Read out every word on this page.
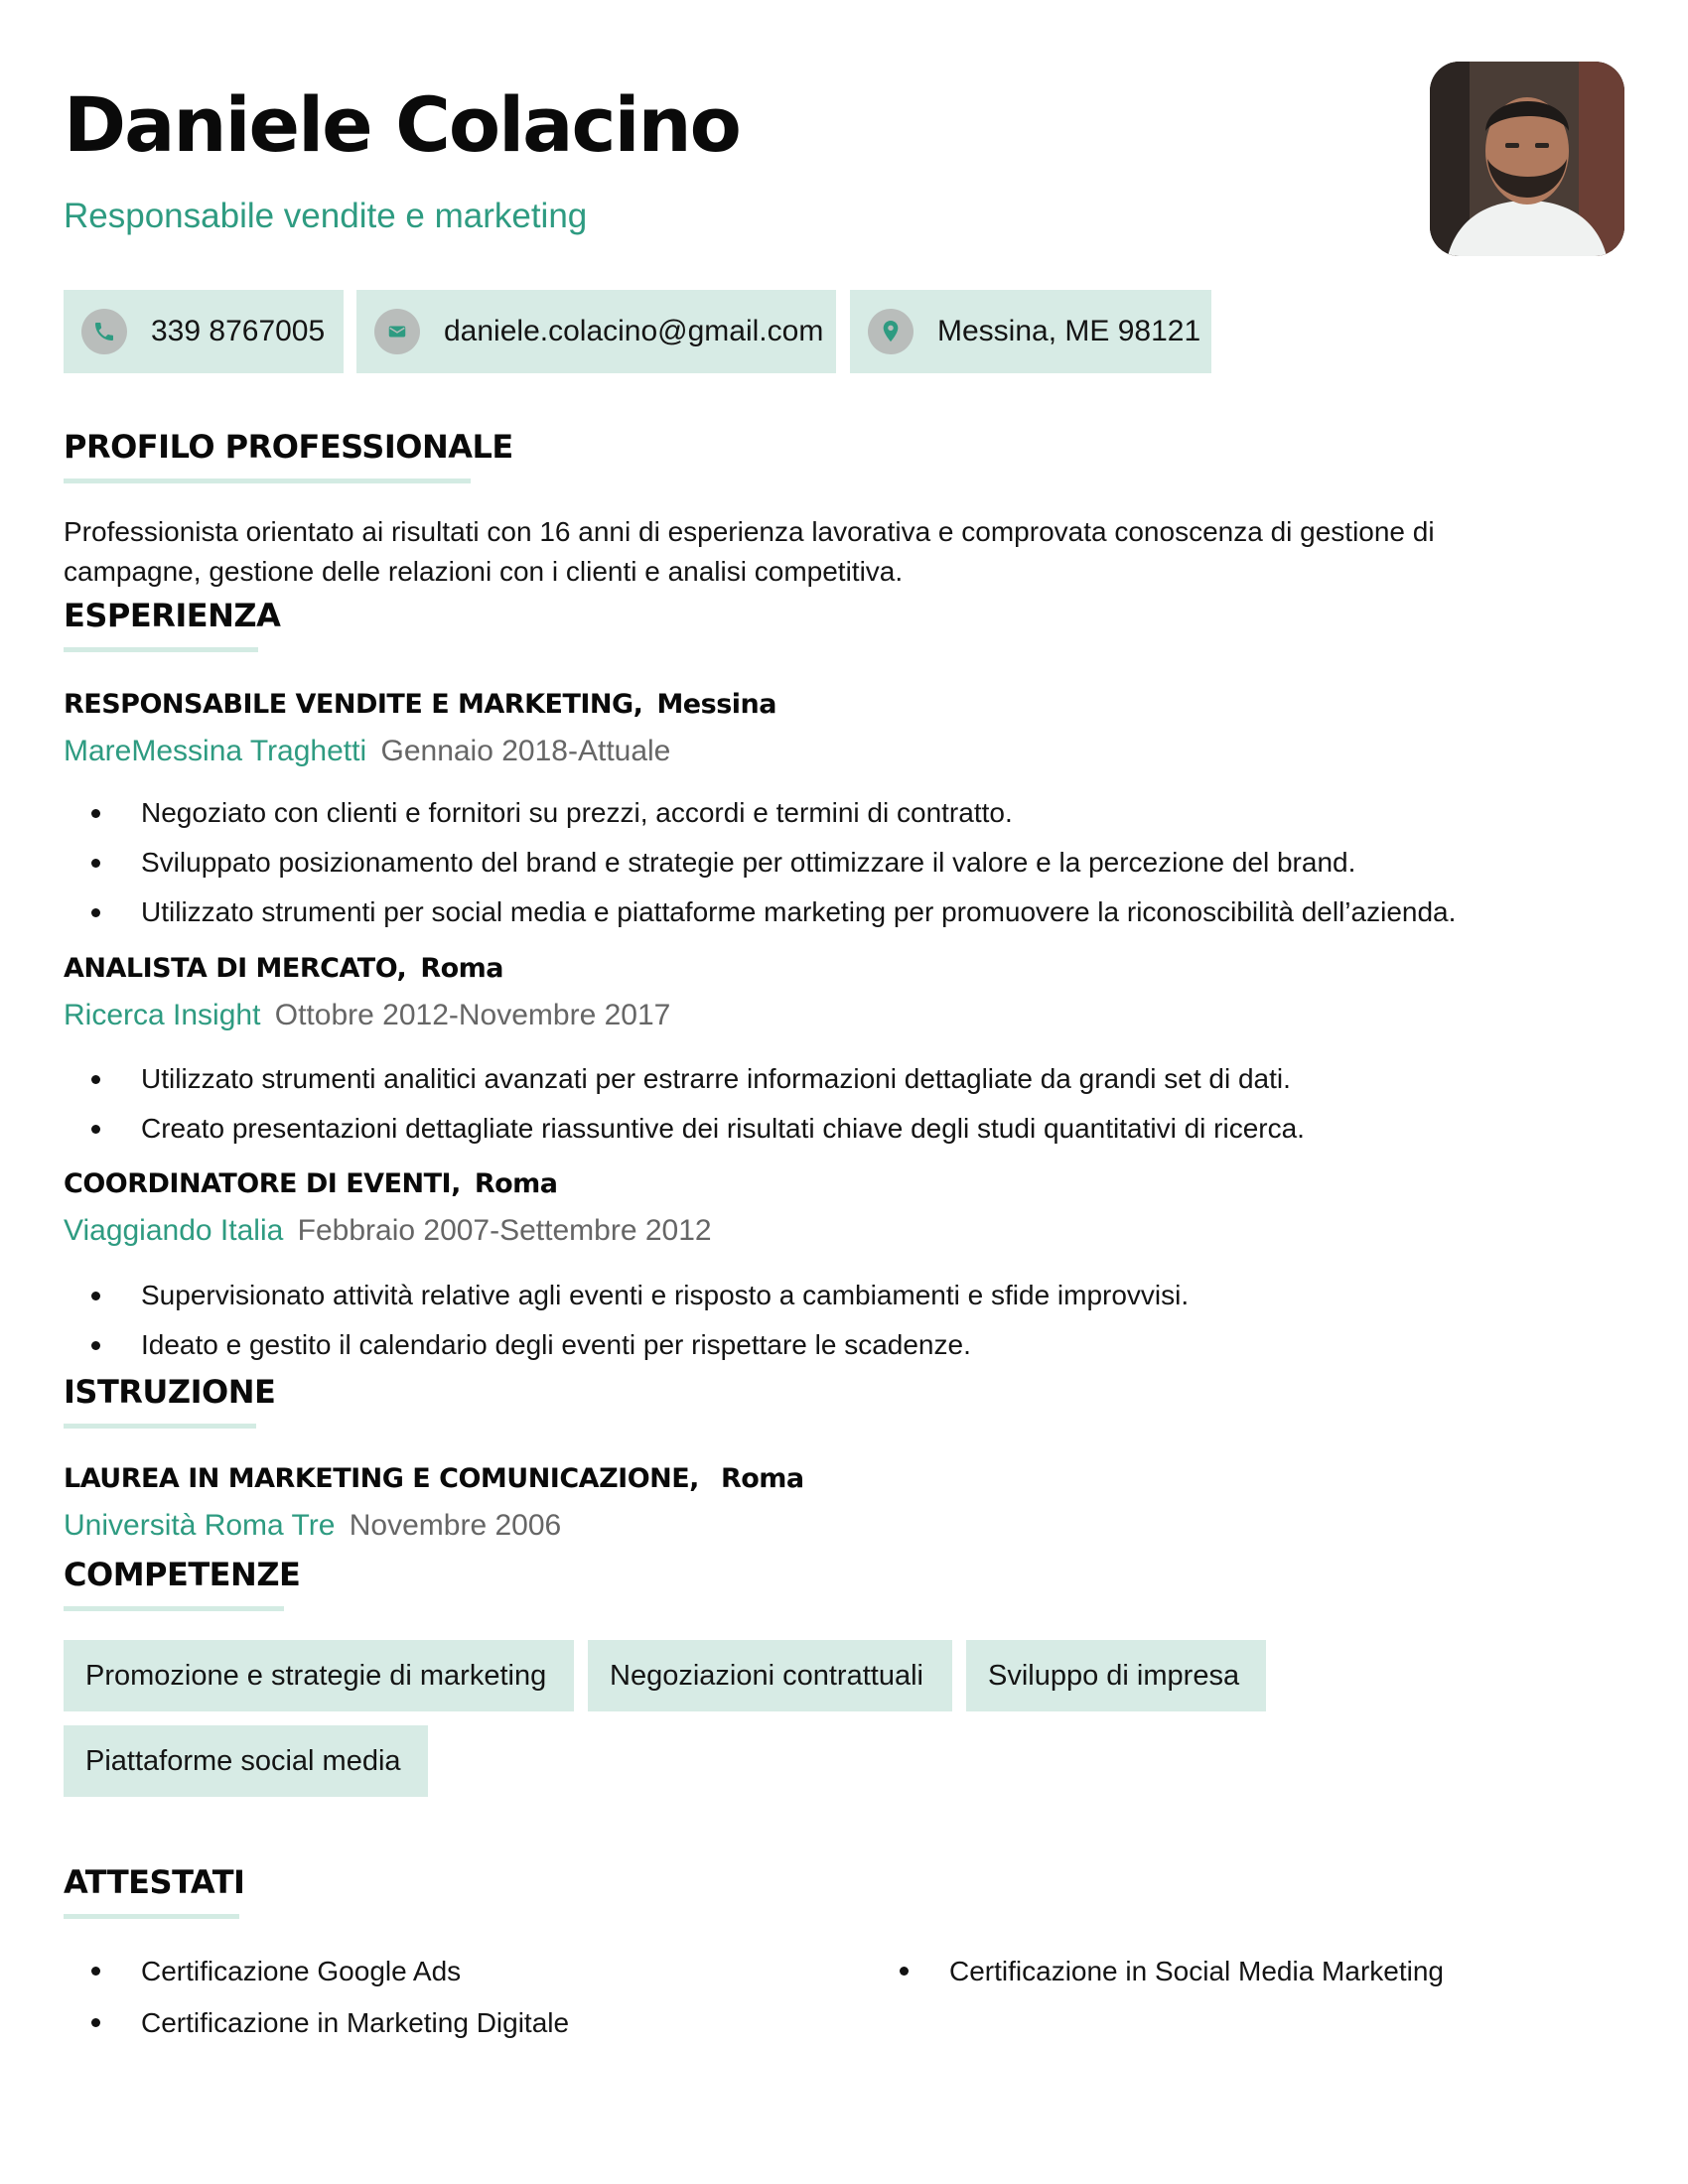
Daniele Colacino
Responsabile vendite e marketing
339 8767005	daniele.colacino@gmail.com	Messina, ME 98121
PROFILO PROFESSIONALE

Professionista orientato ai risultati con 16 anni di esperienza lavorativa e comprovata conoscenza di gestione di campagne, gestione delle relazioni con i clienti e analisi competitiva.

ESPERIENZA
RESPONSABILE VENDITE E MARKETING, Messina
MareMessina Traghetti Gennaio 2018-Attuale
Negoziato con clienti e fornitori su prezzi, accordi e termini di contratto.
Sviluppato posizionamento del brand e strategie per ottimizzare il valore e la percezione del brand.
Utilizzato strumenti per social media e piattaforme marketing per promuovere la riconoscibilità dell’azienda.
ANALISTA DI MERCATO, Roma
Ricerca Insight Ottobre 2012-Novembre 2017
Utilizzato strumenti analitici avanzati per estrarre informazioni dettagliate da grandi set di dati.
Creato presentazioni dettagliate riassuntive dei risultati chiave degli studi quantitativi di ricerca.
COORDINATORE DI EVENTI, Roma
Viaggiando Italia Febbraio 2007-Settembre 2012
Supervisionato attività relative agli eventi e risposto a cambiamenti e sfide improvvisi.
Ideato e gestito il calendario degli eventi per rispettare le scadenze.
ISTRUZIONE
LAUREA IN MARKETING E COMUNICAZIONE, Roma
Università Roma Tre Novembre 2006
COMPETENZE
Promozione e strategie di marketing	Negoziazioni contrattuali	Sviluppo di impresa
Piattaforme social media
ATTESTATI
Certificazione Google Ads
Certificazione in Marketing Digitale
Certificazione in Social Media Marketing
